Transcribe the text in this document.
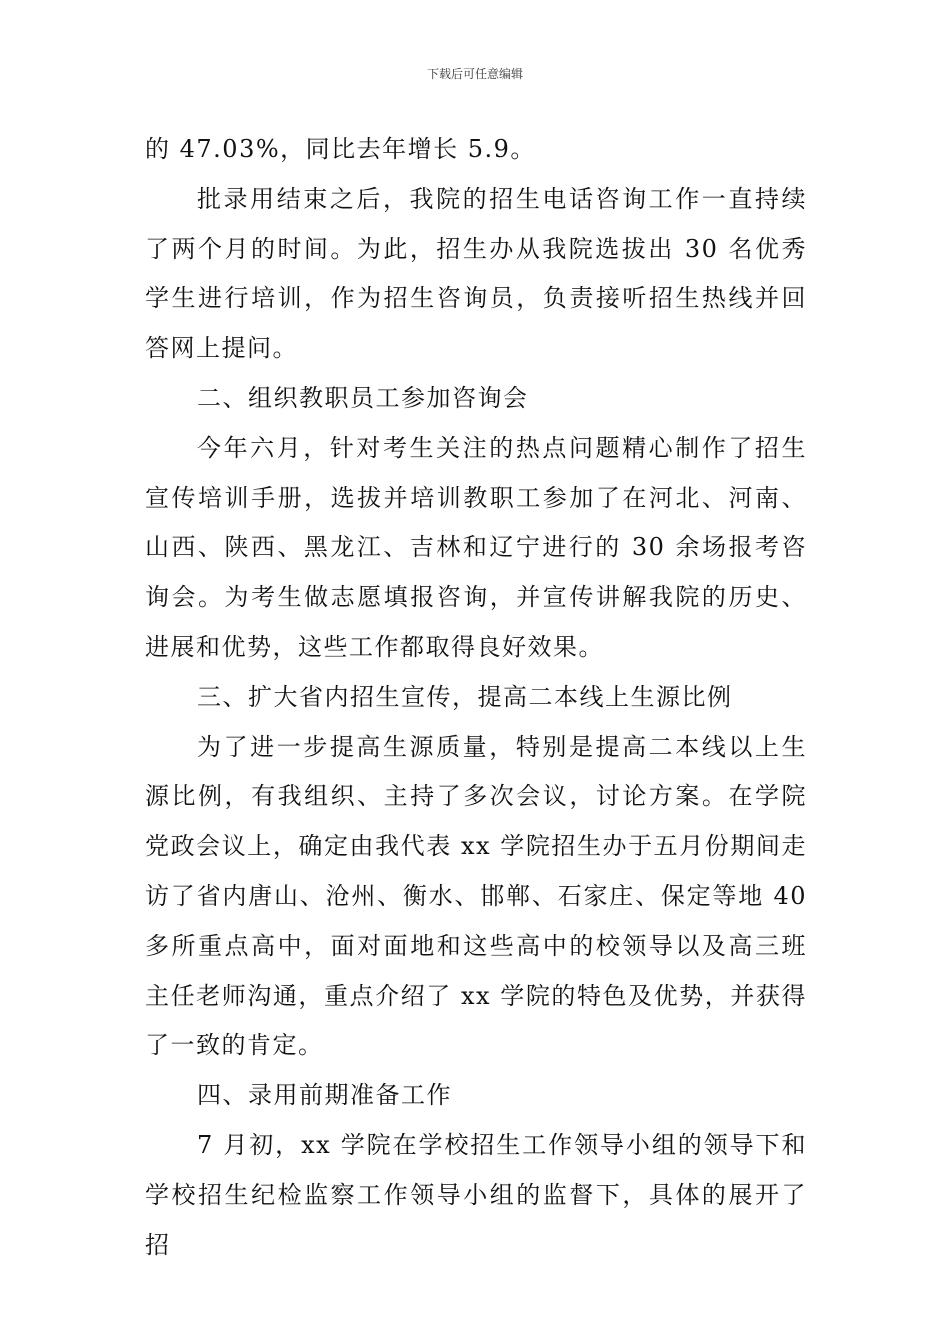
下载后可任意编辑

的 47.03%，同比去年增长 5.9。

批录用结束之后，我院的招生电话咨询工作一直持续了两个月的时间。为此，招生办从我院选拔出 30 名优秀学生进行培训，作为招生咨询员，负责接听招生热线并回答网上提问。

二、组织教职员工参加咨询会

今年六月，针对考生关注的热点问题精心制作了招生宣传培训手册，选拔并培训教职工参加了在河北、河南、山西、陕西、黑龙江、吉林和辽宁进行的 30 余场报考咨询会。为考生做志愿填报咨询，并宣传讲解我院的历史、进展和优势，这些工作都取得良好效果。

三、扩大省内招生宣传，提高二本线上生源比例

为了进一步提高生源质量，特别是提高二本线以上生源比例，有我组织、主持了多次会议，讨论方案。在学院党政会议上，确定由我代表 xx 学院招生办于五月份期间走访了省内唐山、沧州、衡水、邯郸、石家庄、保定等地 40 多所重点高中，面对面地和这些高中的校领导以及高三班主任老师沟通，重点介绍了 xx 学院的特色及优势，并获得了一致的肯定。

四、录用前期准备工作

7 月初，xx 学院在学校招生工作领导小组的领导下和学校招生纪检监察工作领导小组的监督下，具体的展开了招
